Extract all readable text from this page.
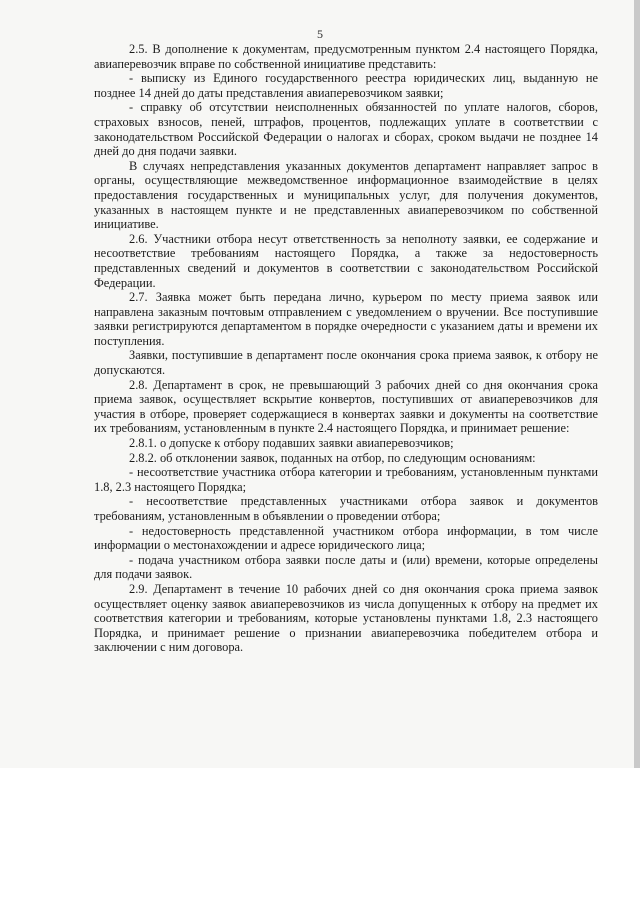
5

2.5. В дополнение к документам, предусмотренным пунктом 2.4 настоящего Порядка, авиаперевозчик вправе по собственной инициативе представить:

- выписку из Единого государственного реестра юридических лиц, выданную не позднее 14 дней до даты представления авиаперевозчиком заявки;

- справку об отсутствии неисполненных обязанностей по уплате налогов, сборов, страховых взносов, пеней, штрафов, процентов, подлежащих уплате в соответствии с законодательством Российской Федерации о налогах и сборах, сроком выдачи не позднее 14 дней до дня подачи заявки.

В случаях непредставления указанных документов департамент направляет запрос в органы, осуществляющие межведомственное информационное взаимодействие в целях предоставления государственных и муниципальных услуг, для получения документов, указанных в настоящем пункте и не представленных авиаперевозчиком по собственной инициативе.

2.6. Участники отбора несут ответственность за неполноту заявки, ее содержание и несоответствие требованиям настоящего Порядка, а также за недостоверность представленных сведений и документов в соответствии с законодательством Российской Федерации.

2.7. Заявка может быть передана лично, курьером по месту приема заявок или направлена заказным почтовым отправлением с уведомлением о вручении. Все поступившие заявки регистрируются департаментом в порядке очередности с указанием даты и времени их поступления.

Заявки, поступившие в департамент после окончания срока приема заявок, к отбору не допускаются.

2.8. Департамент в срок, не превышающий 3 рабочих дней со дня окончания срока приема заявок, осуществляет вскрытие конвертов, поступивших от авиаперевозчиков для участия в отборе, проверяет содержащиеся в конвертах заявки и документы на соответствие их требованиям, установленным в пункте 2.4 настоящего Порядка, и принимает решение:

2.8.1. о допуске к отбору подавших заявки авиаперевозчиков;

2.8.2. об отклонении заявок, поданных на отбор, по следующим основаниям:

- несоответствие участника отбора категории и требованиям, установленным пунктами 1.8, 2.3 настоящего Порядка;

- несоответствие представленных участниками отбора заявок и документов требованиям, установленным в объявлении о проведении отбора;

- недостоверность представленной участником отбора информации, в том числе информации о местонахождении и адресе юридического лица;

- подача участником отбора заявки после даты и (или) времени, которые определены для подачи заявок.

2.9. Департамент в течение 10 рабочих дней со дня окончания срока приема заявок осуществляет оценку заявок авиаперевозчиков из числа допущенных к отбору на предмет их соответствия категории и требованиям, которые установлены пунктами 1.8, 2.3 настоящего Порядка, и принимает решение о признании авиаперевозчика победителем отбора и заключении с ним договора.
